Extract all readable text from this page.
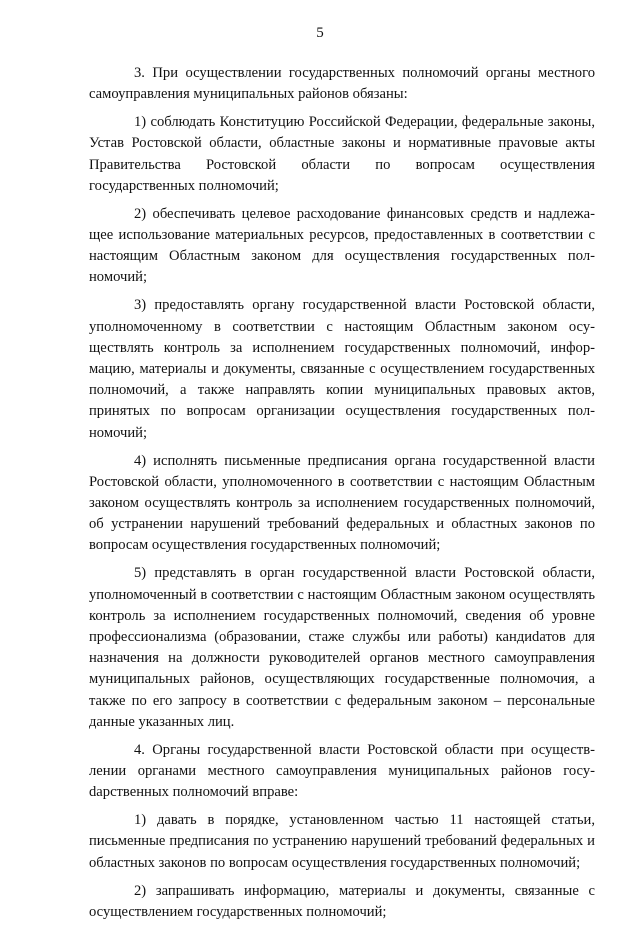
5

3. При осуществлении государственных полномочий органы местного самоуправления муниципальных районов обязаны:

1) соблюдать Конституцию Российской Федерации, федеральные законы, Устав Ростовской области, областные законы и нормативные праvовые акты Правительства Ростовской области по вопросам осуществления государственных полномочий;

2) обеспечивать целевое расходование финансовых средств и надлежащее использование материальных ресурсов, предоставленных в соответствии с настоящим Областным законом для осуществления государственных полномочий;

3) предоставлять органу государственной власти Ростовской области, уполномоченному в соответствии с настоящим Областным законом осуществлять контроль за исполнением государственных полномочий, информацию, материалы и документы, связанные с осуществлением государственных полномочий, а также направлять копии муниципальных правовых актов, принятых по вопросам организации осуществления государственных полномочий;

4) исполнять письменные предписания органа государственной власти Ростовской области, уполномоченного в соответствии с настоящим Областным законом осуществлять контроль за исполнением государственных полномочий, об устранении нарушений требований федеральных и областных законов по вопросам осуществления государственных полномочий;

5) представлять в орган государственной власти Ростовской области, уполномоченный в соответствии с настоящим Областным законом осуществлять контроль за исполнением государственных полномочий, сведения об уровне профессионализма (образовании, стаже службы или работы) кандиdатов для назначения на должности руководителей органов местного самоуправления муниципальных районов, осуществляющих государственные полномочия, а также по его запросу в соответствии с федеральным законом – персональные данные указанных лиц.

4. Органы государственной власти Ростовской области при осуществлении органами местного самоуправления муниципальных районов госуdарственных полномочий вправе:

1) давать в порядке, установленном частью 11 настоящей статьи, письменные предписания по устранению нарушений требований федеральных и областных законов по вопросам осуществления государственных полномочий;

2) запрашивать информацию, материалы и документы, связанные с осуществлением государственных полномочий;
